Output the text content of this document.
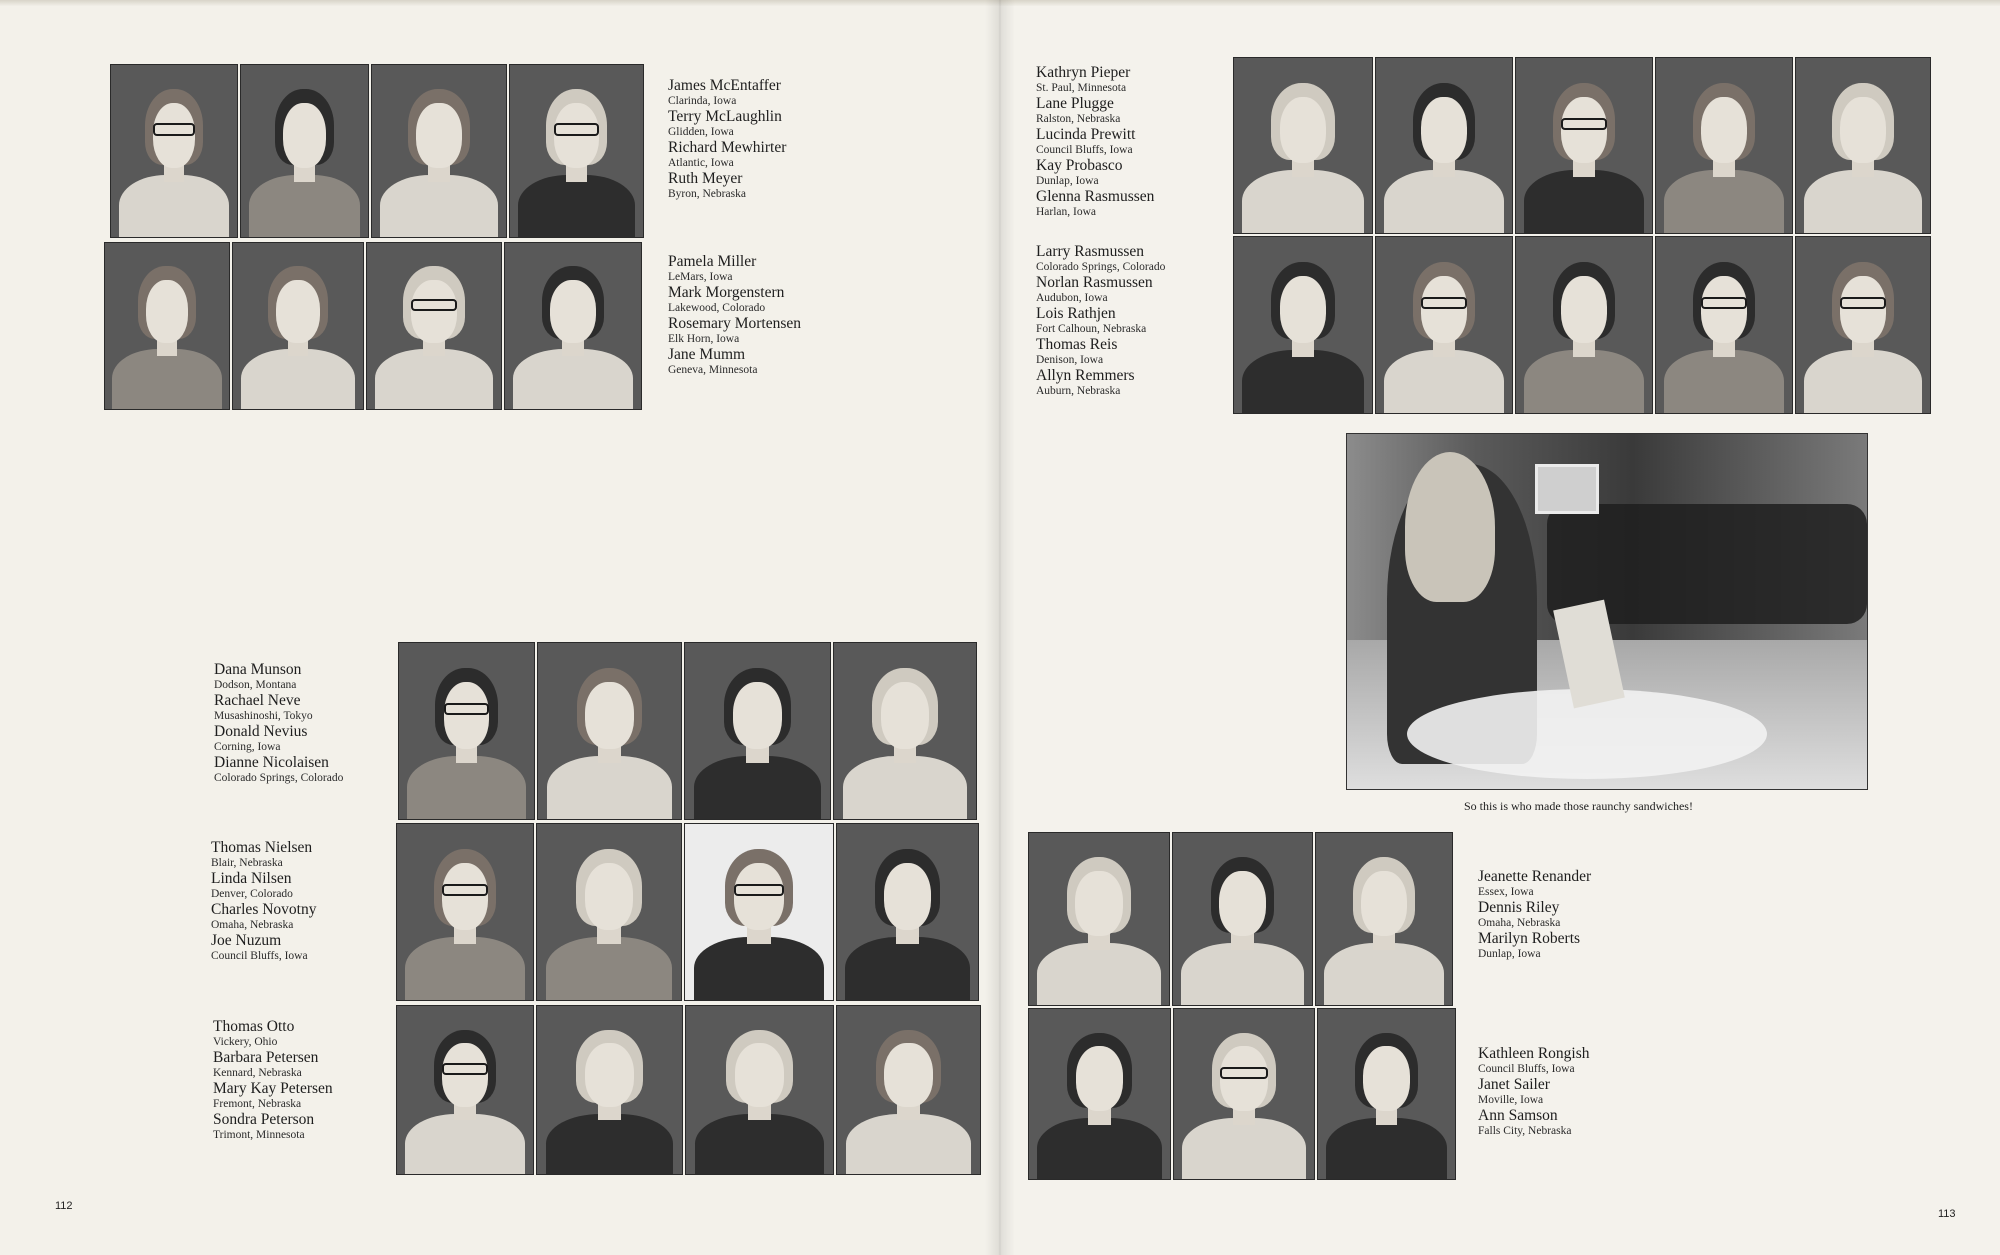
James McEntaffer
Clarinda, Iowa
Terry McLaughlin
Glidden, Iowa
Richard Mewhirter
Atlantic, Iowa
Ruth Meyer
Byron, Nebraska
Pamela Miller
LeMars, Iowa
Mark Morgenstern
Lakewood, Colorado
Rosemary Mortensen
Elk Horn, Iowa
Jane Mumm
Geneva, Minnesota
Dana Munson
Dodson, Montana
Rachael Neve
Musashinoshi, Tokyo
Donald Nevius
Corning, Iowa
Dianne Nicolaisen
Colorado Springs, Colorado
Thomas Nielsen
Blair, Nebraska
Linda Nilsen
Denver, Colorado
Charles Novotny
Omaha, Nebraska
Joe Nuzum
Council Bluffs, Iowa
Thomas Otto
Vickery, Ohio
Barbara Petersen
Kennard, Nebraska
Mary Kay Petersen
Fremont, Nebraska
Sondra Peterson
Trimont, Minnesota
112
Kathryn Pieper
St. Paul, Minnesota
Lane Plugge
Ralston, Nebraska
Lucinda Prewitt
Council Bluffs, Iowa
Kay Probasco
Dunlap, Iowa
Glenna Rasmussen
Harlan, Iowa
Larry Rasmussen
Colorado Springs, Colorado
Norlan Rasmussen
Audubon, Iowa
Lois Rathjen
Fort Calhoun, Nebraska
Thomas Reis
Denison, Iowa
Allyn Remmers
Auburn, Nebraska
So this is who made those raunchy sandwiches!
Jeanette Renander
Essex, Iowa
Dennis Riley
Omaha, Nebraska
Marilyn Roberts
Dunlap, Iowa
Kathleen Rongish
Council Bluffs, Iowa
Janet Sailer
Moville, Iowa
Ann Samson
Falls City, Nebraska
113
